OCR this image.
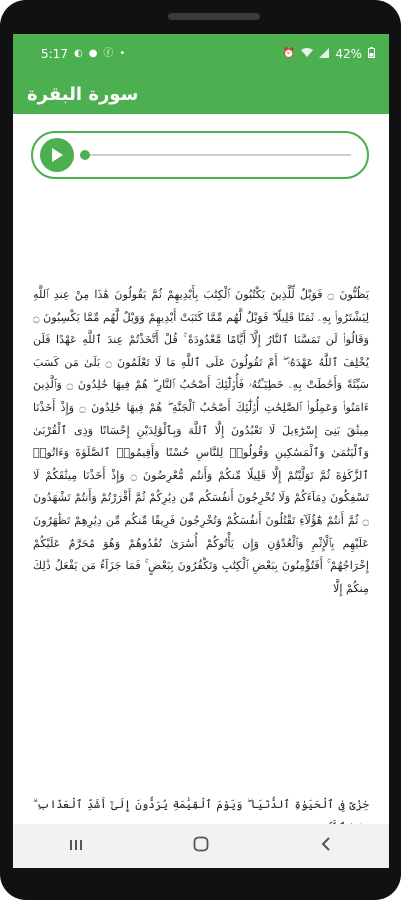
5:17 ◐ ● ⓕ •	⏰	42%
سورة البقرة
يَظُنُّونَ ۝ فَوَيْلٌ لِّلَّذِينَ يَكْتُبُونَ ٱلْكِتَٰبَ بِأَيْدِيهِمْ ثُمَّ يَقُولُونَ هَٰذَا مِنْ عِندِ ٱللَّهِ لِيَشْتَرُوا۟ بِهِۦ ثَمَنًا قَلِيلًا ۖ فَوَيْلٌ لَّهُم مِّمَّا كَتَبَتْ أَيْدِيهِمْ وَوَيْلٌ لَّهُم مِّمَّا يَكْسِبُونَ ۝ وَقَالُوا۟ لَن تَمَسَّنَا ٱلنَّارُ إِلَّآ أَيَّامًا مَّعْدُودَةً ۚ قُلْ أَتَّخَذْتُمْ عِندَ ٱللَّهِ عَهْدًا فَلَن يُخْلِفَ ٱللَّهُ عَهْدَهُۥٓ ۖ أَمْ تَقُولُونَ عَلَى ٱللَّهِ مَا لَا تَعْلَمُونَ ۝ بَلَىٰ مَن كَسَبَ سَيِّئَةً وَأَحَٰطَتْ بِهِۦ خَطِيٓـَٔتُهُۥ فَأُو۟لَٰٓئِكَ أَصْحَٰبُ ٱلنَّارِ ۖ هُمْ فِيهَا خَٰلِدُونَ ۝ وَٱلَّذِينَ ءَامَنُوا۟ وَعَمِلُوا۟ ٱلصَّٰلِحَٰتِ أُو۟لَٰٓئِكَ أَصْحَٰبُ ٱلْجَنَّةِ ۖ هُمْ فِيهَا خَٰلِدُونَ ۝ وَإِذْ أَخَذْنَا مِيثَٰقَ بَنِىٓ إِسْرَٰٓءِيلَ لَا تَعْبُدُونَ إِلَّا ٱللَّهَ وَبِٱلْوَٰلِدَيْنِ إِحْسَانًا وَذِى ٱلْقُرْبَىٰ وَٱلْيَتَٰمَىٰ وَٱلْمَسَٰكِينِ وَقُولُوا۟ لِلنَّاسِ حُسْنًا وَأَقِيمُوا۟ ٱلصَّلَوٰةَ وَءَاتُوا۟ ٱلزَّكَوٰةَ ثُمَّ تَوَلَّيْتُمْ إِلَّا قَلِيلًا مِّنكُمْ وَأَنتُم مُّعْرِضُونَ ۝ وَإِذْ أَخَذْنَا مِيثَٰقَكُمْ لَا تَسْفِكُونَ دِمَآءَكُمْ وَلَا تُخْرِجُونَ أَنفُسَكُم مِّن دِيَٰرِكُمْ ثُمَّ أَقْرَرْتُمْ وَأَنتُمْ تَشْهَدُونَ ۝ ثُمَّ أَنتُمْ هَٰٓؤُلَآءِ تَقْتُلُونَ أَنفُسَكُمْ وَتُخْرِجُونَ فَرِيقًا مِّنكُم مِّن دِيَٰرِهِمْ تَظَٰهَرُونَ عَلَيْهِم بِٱلْإِثْمِ وَٱلْعُدْوَٰنِ وَإِن يَأْتُوكُمْ أُسَٰرَىٰ تُفَٰدُوهُمْ وَهُوَ مُحَرَّمٌ عَلَيْكُمْ إِخْرَاجُهُمْ ۚ أَفَتُؤْمِنُونَ بِبَعْضِ ٱلْكِتَٰبِ وَتَكْفُرُونَ بِبَعْضٍ ۚ فَمَا جَزَآءُ مَن يَفْعَلُ ذَٰلِكَ مِنكُمْ إِلَّا
خِزْىٌ فِى ٱلْحَيَوٰةِ ٱلدُّنْيَا ۖ وَيَوْمَ ٱلْقِيَٰمَةِ يُرَدُّونَ إِلَىٰٓ أَشَدِّ ٱلْعَذَابِ ۗ
